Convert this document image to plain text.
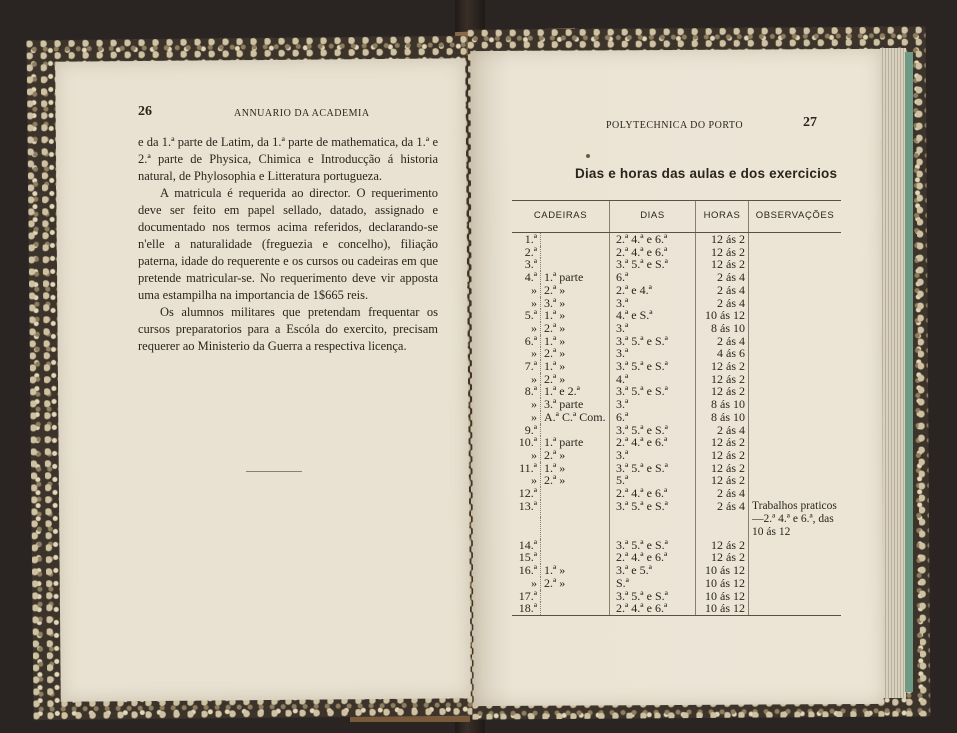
26	ANNUARIO DA ACADEMIA

e da 1.ª parte de Latim, da 1.ª parte de mathematica, da 1.ª e 2.ª parte de Physica, Chimica e Introducção á historia natural, de Phylosophia e Litteratura portugueza.

A matricula é requerida ao director. O requerimento deve ser feito em papel sellado, datado, assignado e documentado nos termos acima referidos, declarando-se n'elle a naturalidade (freguezia e concelho), filiação paterna, idade do requerente e os cursos ou cadeiras em que pretende matricular-se. No requerimento deve vir apposta uma estampilha na importancia de 1$665 reis.

Os alumnos militares que pretendam frequentar os cursos preparatorios para a Escóla do exercito, precisam requerer ao Ministerio da Guerra a respectiva licença.

POLYTECHNICA DO PORTO	27
Dias e horas das aulas e dos exercicios
CADEIRAS		DIAS	HORAS	OBSERVAÇÕES
1.ª		2.ª 4.ª e 6.ª	12 ás 2	
2.ª		2.ª 4.ª e 6.ª	12 ás 2	
3.ª		3.ª 5.ª e S.ª	12 ás 2	
4.ª	1.ª parte	6.ª	2 ás 4	
»	2.ª »	2.ª e 4.ª	2 ás 4	
»	3.ª »	3.ª	2 ás 4	
5.ª	1.ª »	4.ª e S.ª	10 ás 12	
»	2.ª »	3.ª	8 ás 10	
6.ª	1.ª »	3.ª 5.ª e S.ª	2 ás 4	
»	2.ª »	3.ª	4 ás 6	
7.ª	1.ª »	3.ª 5.ª e S.ª	12 ás 2	
»	2.ª »	4.ª	12 ás 2	
8.ª	1.ª e 2.ª	3.ª 5.ª e S.ª	12 ás 2	
»	3.ª parte	3.ª	8 ás 10	
»	A.ª C.ª Com.	6.ª	8 ás 10	
9.ª		3.ª 5.ª e S.ª	2 ás 4	
10.ª	1.ª parte	2.ª 4.ª e 6.ª	12 ás 2	
»	2.ª »	3.ª	12 ás 2	
11.ª	1.ª »	3.ª 5.ª e S.ª	12 ás 2	
»	2.ª »	5.ª	12 ás 2	
12.ª		2.ª 4.ª e 6.ª	2 ás 4	
13.ª		3.ª 5.ª e S.ª	2 ás 4	Trabalhos praticos—2.ª 4.ª e 6.ª, das 10 ás 12

14.ª		3.ª 5.ª e S.ª	12 ás 2	
15.ª		2.ª 4.ª e 6.ª	12 ás 2	
16.ª	1.ª »	3.ª e 5.ª	10 ás 12	
»	2.ª »	S.ª	10 ás 12	
17.ª		3.ª 5.ª e S.ª	10 ás 12	
18.ª		2.ª 4.ª e 6.ª	10 ás 12	
